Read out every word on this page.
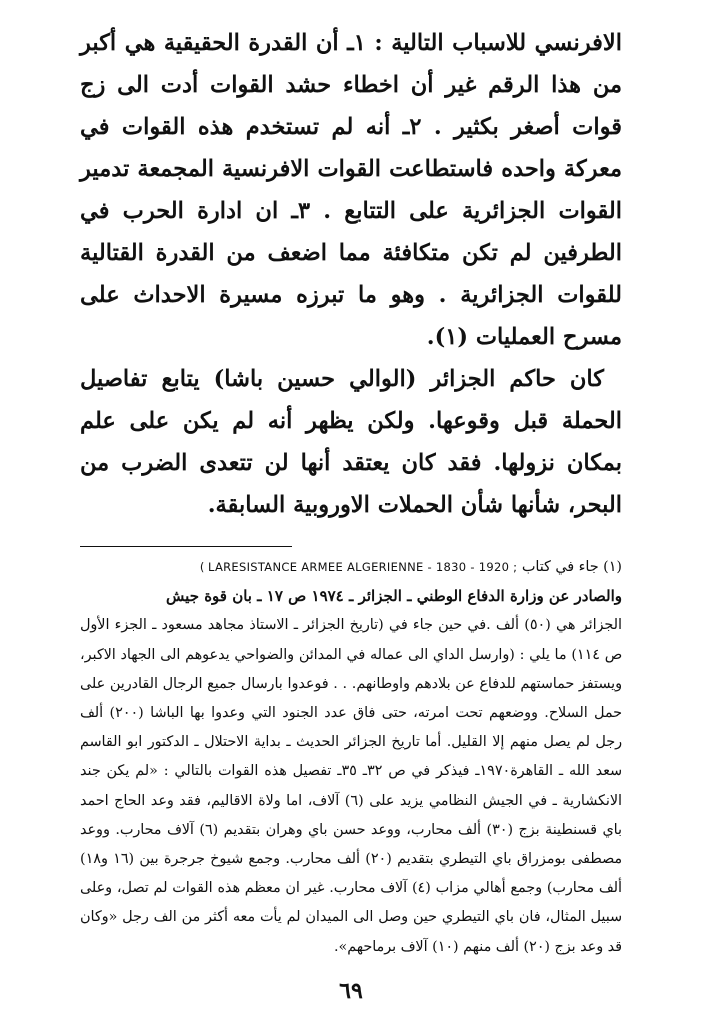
الافرنسي للاسباب التالية : ١ـ أن القدرة الحقيقية هي أكبر من هذا الرقم غير أن اخطاء حشد القوات أدت الى زج قوات أصغر بكثير . ٢ـ أنه لم تستخدم هذه القوات في معركة واحده فاستطاعت القوات الافرنسية المجمعة تدمير القوات الجزائرية على التتابع . ٣ـ ان ادارة الحرب في الطرفين لم تكن متكافئة مما اضعف من القدرة القتالية للقوات الجزائرية . وهو ما تبرزه مسيرة الاحداث على مسرح العمليات (١).

كان حاكم الجزائر (الوالي حسين باشا) يتابع تفاصيل الحملة قبل وقوعها. ولكن يظهر أنه لم يكن على علم بمكان نزولها. فقد كان يعتقد أنها لن تتعدى الضرب من البحر، شأنها شأن الحملات الاوروبية السابقة.

(١) جاء في كتاب ( LARESISTANCE ARMEE ALGERIENNE - 1830 - 1920 ;

والصادر عن وزارة الدفاع الوطني ـ الجزائر ـ ١٩٧٤ ص ١٧ ـ بان قوة جيش

الجزائر هي (٥٠) ألف .في حين جاء في (تاريخ الجزائر ـ الاستاذ مجاهد مسعود ـ الجزء الأول ص ١١٤) ما يلي : (وارسل الداي الى عماله في المدائن والضواحي يدعوهم الى الجهاد الاكبر، ويستفز حماستهم للدفاع عن بلادهم واوطانهم. . . فوعدوا بارسال جميع الرجال القادرين على حمل السلاح. ووضعهم تحت امرته، حتى فاق عدد الجنود التي وعدوا بها الباشا (٢٠٠) ألف رجل لم يصل منهم إلا القليل. أما تاريخ الجزائر الحديث ـ بداية الاحتلال ـ الدكتور ابو القاسم سعد الله ـ القاهرة١٩٧٠ـ فيذكر في ص ٣٢ـ ٣٥ـ تفصيل هذه القوات بالتالي : «لم يكن جند الانكشارية ـ في الجيش النظامي يزيد على (٦) آلاف، اما ولاة الاقاليم، فقد وعد الحاج احمد باي قسنطينة بزج (٣٠) ألف محارب، ووعد حسن باي وهران بتقديم (٦) آلاف محارب. ووعد مصطفى بومزراق باي التيطري بتقديم (٢٠) ألف محارب. وجمع شيوخ جرجرة بين (١٦ و١٨) ألف محارب) وجمع أهالي مزاب (٤) آلاف محارب. غير ان معظم هذه القوات لم تصل، وعلى سبيل المثال، فان باي التيطري حين وصل الى الميدان لم يأت معه أكثر من الف رجل «وكان قد وعد بزج (٢٠) ألف منهم (١٠) آلاف برماحهم».

٦٩
